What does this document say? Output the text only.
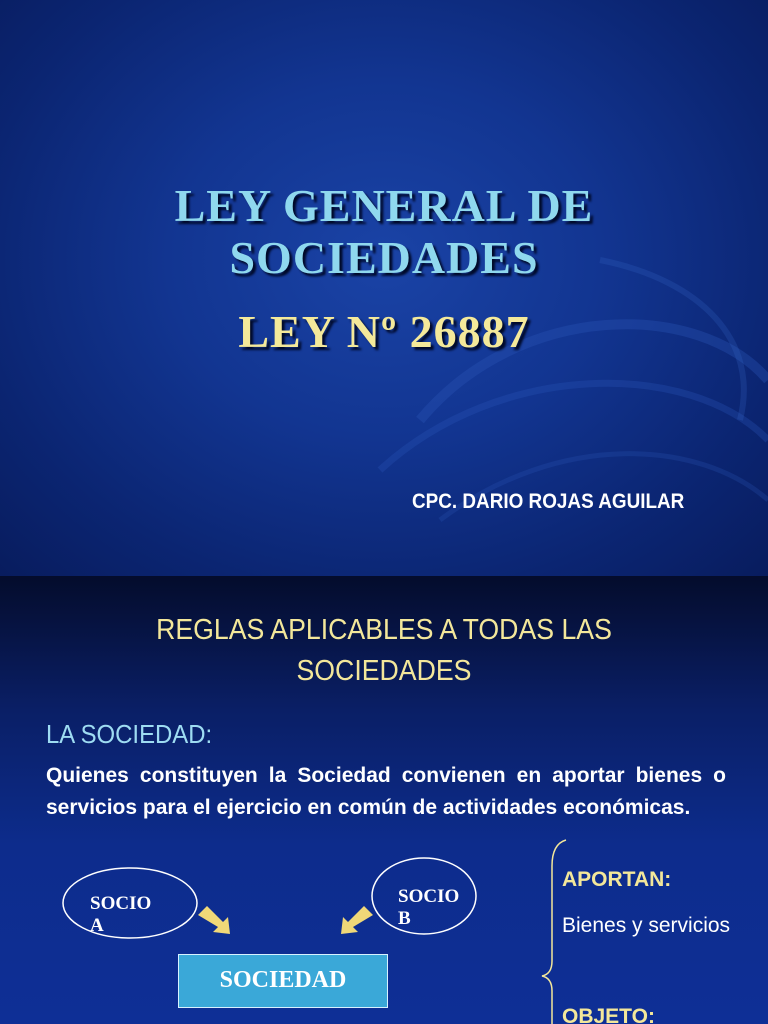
LEY GENERAL DE
SOCIEDADES
LEY Nº 26887
CPC. DARIO ROJAS AGUILAR
REGLAS APLICABLES A TODAS LAS
SOCIEDADES
LA SOCIEDAD:
Quienes constituyen la Sociedad convienen en aportar bienes o servicios para el ejercicio en común de actividades económicas.
SOCIO
A
SOCIO
B
SOCIEDAD
APORTAN:
Bienes y servicios
OBJETO:
